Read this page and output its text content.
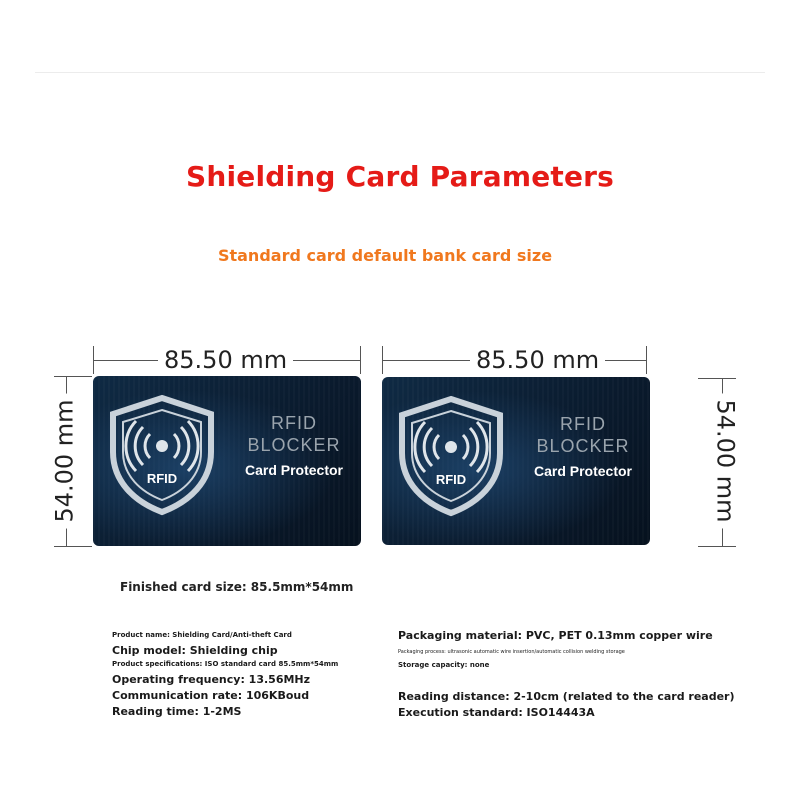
Shielding Card Parameters
Standard card default bank card size
85.50 mm
54.00 mm	RFID
RFID
BLOCKER
Card Protector
85.50 mm
54.00 mm
RFID
RFID
BLOCKER
Card Protector
Finished card size: 85.5mm*54mm
Product name: Shielding Card/Anti-theft Card
Chip model: Shielding chip
Product specifications: ISO standard card 85.5mm*54mm
Operating frequency: 13.56MHz
Communication rate: 106KBoud
Reading time: 1-2MS
Packaging material: PVC, PET 0.13mm copper wire
Packaging process: ultrasonic automatic wire insertion/automatic collision welding storage
Storage capacity: none
Reading distance: 2-10cm (related to the card reader)
Execution standard: ISO14443A
